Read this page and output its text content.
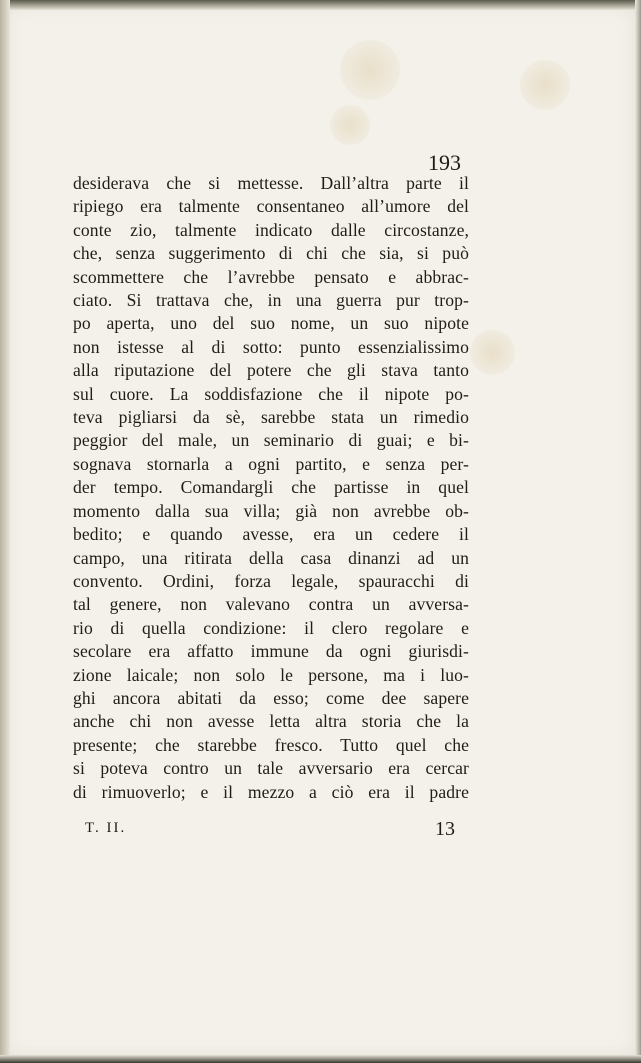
193
desiderava che si mettesse. Dall’altra parte il
ripiego era talmente consentaneo all’umore del
conte zio, talmente indicato dalle circostanze,
che, senza suggerimento di chi che sia, si può
scommettere che l’avrebbe pensato e abbrac-
ciato. Si trattava che, in una guerra pur trop-
po aperta, uno del suo nome, un suo nipote
non istesse al di sotto: punto essenzialissimo
alla riputazione del potere che gli stava tanto
sul cuore. La soddisfazione che il nipote po-
teva pigliarsi da sè, sarebbe stata un rimedio
peggior del male, un seminario di guai; e bi-
sognava stornarla a ogni partito, e senza per-
der tempo. Comandargli che partisse in quel
momento dalla sua villa; già non avrebbe ob-
bedito; e quando avesse, era un cedere il
campo, una ritirata della casa dinanzi ad un
convento. Ordini, forza legale, spauracchi di
tal genere, non valevano contra un avversa-
rio di quella condizione: il clero regolare e
secolare era affatto immune da ogni giurisdi-
zione laicale; non solo le persone, ma i luo-
ghi ancora abitati da esso; come dee sapere
anche chi non avesse letta altra storia che la
presente; che starebbe fresco. Tutto quel che
si poteva contro un tale avversario era cercar
di rimuoverlo; e il mezzo a ciò era il padre
T. II.	13
